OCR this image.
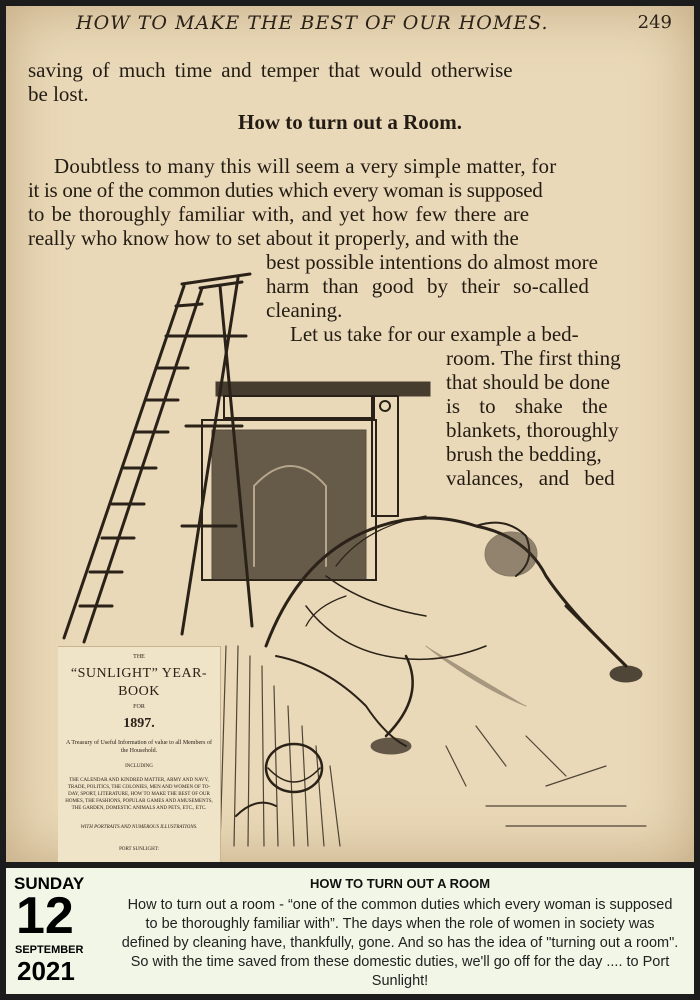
HOW TO MAKE THE BEST OF OUR HOMES.	249
saving of much time and temper that would otherwise
be lost.
How to turn out a Room.
Doubtless to many this will seem a very simple matter, for
it is one of the common duties which every woman is supposed
to be thoroughly familiar with, and yet how few there are
really who know how to set about it properly, and with the
best possible intentions do almost more
harm than good by their so-called
cleaning.
Let us take for our example a bed-
room. The first thing
that should be done
is to shake the
blankets, thoroughly
brush the bedding,
valances, and bed
THE
“SUNLIGHT” YEAR-BOOK
FOR
1897.
A Treasury of Useful Information of value to all Members of the Household.
INCLUDING
THE CALENDAR AND KINDRED MATTER, ARMY AND NAVY, TRADE, POLITICS, THE COLONIES, MEN AND WOMEN OF TO-DAY, SPORT, LITERATURE, HOW TO MAKE THE BEST OF OUR HOMES, THE FASHIONS, POPULAR GAMES AND AMUSEMENTS, THE GARDEN, DOMESTIC ANIMALS AND PETS, ETC., ETC.
WITH PORTRAITS AND NUMEROUS ILLUSTRATIONS.
PORT SUNLIGHT:
SUNDAY
12
SEPTEMBER
2021
HOW TO TURN OUT A ROOM
How to turn out a room - “one of the common duties which every woman is supposed to be thoroughly familiar with”. The days when the role of women in society was defined by cleaning have, thankfully, gone. And so has the idea of "turning out a room". So with the time saved from these domestic duties, we'll go off for the day .... to Port Sunlight!
